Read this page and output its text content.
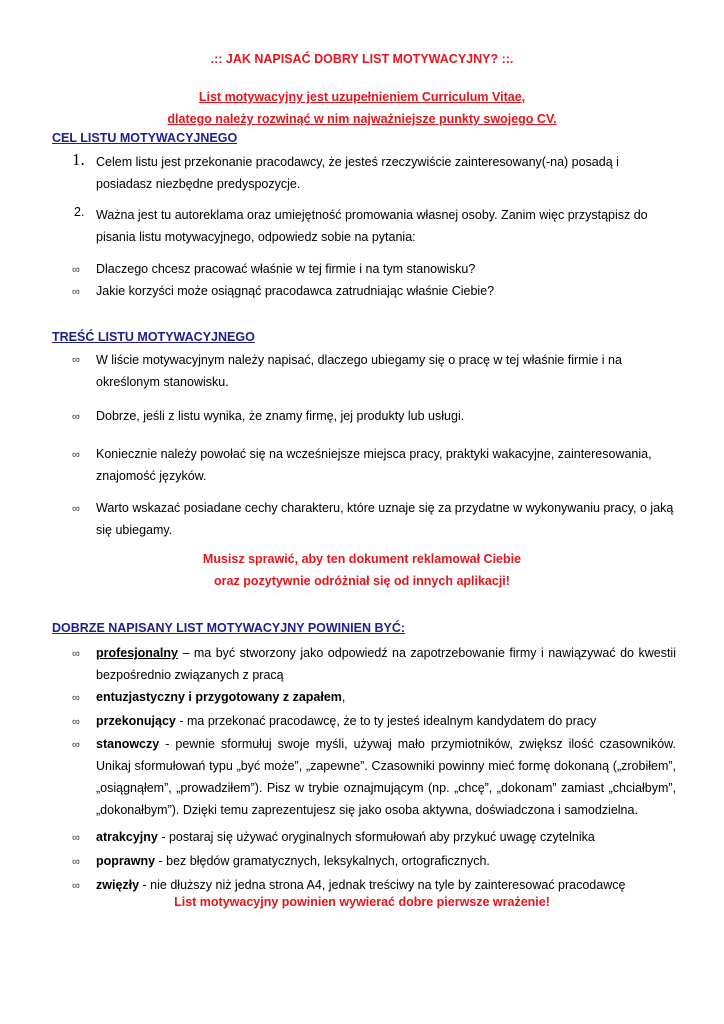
.:: JAK NAPISAĆ DOBRY LIST MOTYWACYJNY? ::.
List motywacyjny jest uzupełnieniem Curriculum Vitae,
dlatego należy rozwinąć w nim najważniejsze punkty swojego CV.
CEL LISTU MOTYWACYJNEGO
1. Celem listu jest przekonanie pracodawcy, że jesteś rzeczywiście zainteresowany(-na) posadą i posiadasz niezbędne predyspozycje.
2. Ważna jest tu autoreklama oraz umiejętność promowania własnej osoby. Zanim więc przystąpisz do pisania listu motywacyjnego, odpowiedz sobie na pytania:
∞ Dlaczego chcesz pracować właśnie w tej firmie i na tym stanowisku?
∞ Jakie korzyści może osiągnąć pracodawca zatrudniając właśnie Ciebie?
TREŚĆ LISTU MOTYWACYJNEGO
∞ W liście motywacyjnym należy napisać, dlaczego ubiegamy się o pracę w tej właśnie firmie i na określonym stanowisku.
∞ Dobrze, jeśli z listu wynika, że znamy firmę, jej produkty lub usługi.
∞ Koniecznie należy powołać się na wcześniejsze miejsca pracy, praktyki wakacyjne, zainteresowania, znajomość języków.
∞ Warto wskazać posiadane cechy charakteru, które uznaje się za przydatne w wykonywaniu pracy, o jaką się ubiegamy.
Musisz sprawić, aby ten dokument reklamował Ciebie
oraz pozytywnie odróżniał się od innych aplikacji!
DOBRZE NAPISANY LIST MOTYWACYJNY POWINIEN BYĆ:
∞ profesjonalny – ma być stworzony jako odpowiedź na zapotrzebowanie firmy i nawiązywać do kwestii bezpośrednio związanych z pracą
∞ entuzjastyczny i przygotowany z zapałem,
∞ przekonujący - ma przekonać pracodawcę, że to ty jesteś idealnym kandydatem do pracy
∞ stanowczy - pewnie sformułuj swoje myśli, używaj mało przymiotników, zwiększ ilość czasowników. Unikaj sformułowań typu „być może”, „zapewne”. Czasowniki powinny mieć formę dokonaną („zrobiłem”, „osiągnąłem”, „prowadziłem”). Pisz w trybie oznajmującym (np. „chcę”, „dokonam” zamiast „chciałbym”, „dokonałbym”). Dzięki temu zaprezentujesz się jako osoba aktywna, doświadczona i samodzielna.
∞ atrakcyjny - postaraj się używać oryginalnych sformułowań aby przykuć uwagę czytelnika
∞ poprawny - bez błędów gramatycznych, leksykalnych, ortograficznych.
∞ zwięzły - nie dłuższy niż jedna strona A4, jednak treściwy na tyle by zainteresować pracodawcę
List motywacyjny powinien wywierać dobre pierwsze wrażenie!
